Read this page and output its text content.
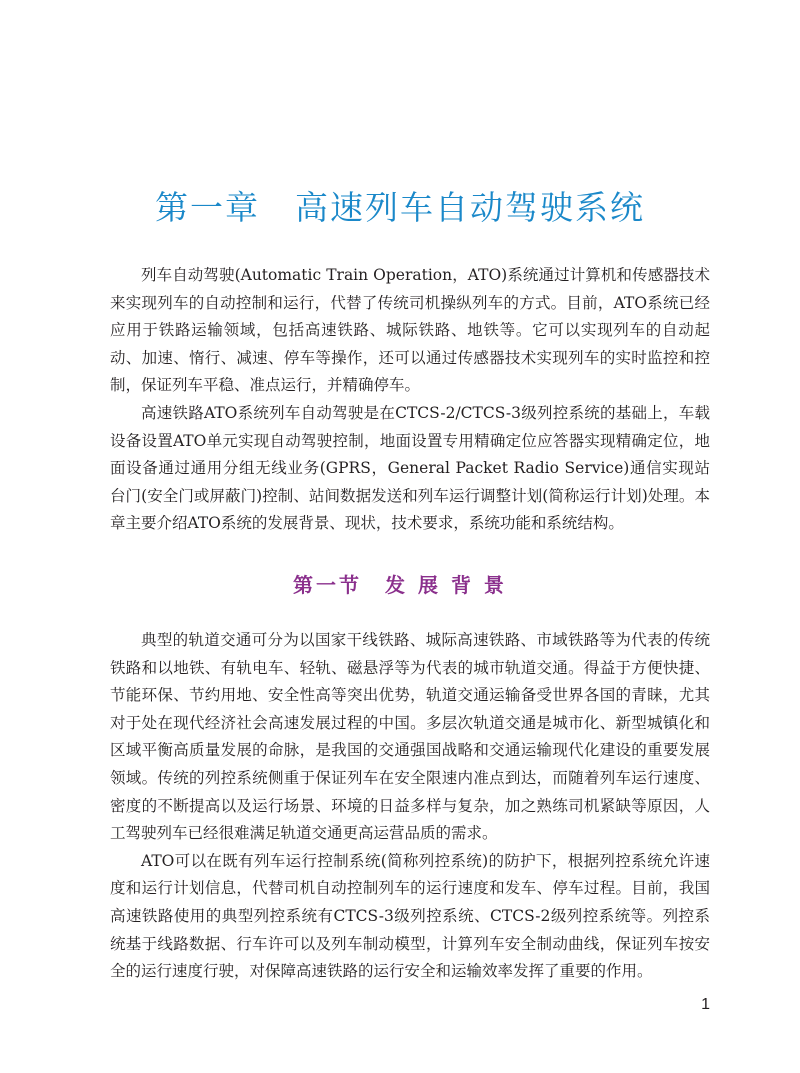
第一章　高速列车自动驾驶系统

列车自动驾驶(Automatic Train Operation，ATO)系统通过计算机和传感器技术来实现列车的自动控制和运行，代替了传统司机操纵列车的方式。目前，ATO系统已经应用于铁路运输领域，包括高速铁路、城际铁路、地铁等。它可以实现列车的自动起动、加速、惰行、减速、停车等操作，还可以通过传感器技术实现列车的实时监控和控制，保证列车平稳、准点运行，并精确停车。

高速铁路ATO系统列车自动驾驶是在CTCS-2/CTCS-3级列控系统的基础上，车载设备设置ATO单元实现自动驾驶控制，地面设置专用精确定位应答器实现精确定位，地面设备通过通用分组无线业务(GPRS，General Packet Radio Service)通信实现站台门(安全门或屏蔽门)控制、站间数据发送和列车运行调整计划(简称运行计划)处理。本章主要介绍ATO系统的发展背景、现状，技术要求，系统功能和系统结构。

第一节　发 展 背 景

典型的轨道交通可分为以国家干线铁路、城际高速铁路、市域铁路等为代表的传统铁路和以地铁、有轨电车、轻轨、磁悬浮等为代表的城市轨道交通。得益于方便快捷、节能环保、节约用地、安全性高等突出优势，轨道交通运输备受世界各国的青睐，尤其对于处在现代经济社会高速发展过程的中国。多层次轨道交通是城市化、新型城镇化和区域平衡高质量发展的命脉，是我国的交通强国战略和交通运输现代化建设的重要发展领域。传统的列控系统侧重于保证列车在安全限速内准点到达，而随着列车运行速度、密度的不断提高以及运行场景、环境的日益多样与复杂，加之熟练司机紧缺等原因，人工驾驶列车已经很难满足轨道交通更高运营品质的需求。

ATO可以在既有列车运行控制系统(简称列控系统)的防护下，根据列控系统允许速度和运行计划信息，代替司机自动控制列车的运行速度和发车、停车过程。目前，我国高速铁路使用的典型列控系统有CTCS-3级列控系统、CTCS-2级列控系统等。列控系统基于线路数据、行车许可以及列车制动模型，计算列车安全制动曲线，保证列车按安全的运行速度行驶，对保障高速铁路的运行安全和运输效率发挥了重要的作用。

1
